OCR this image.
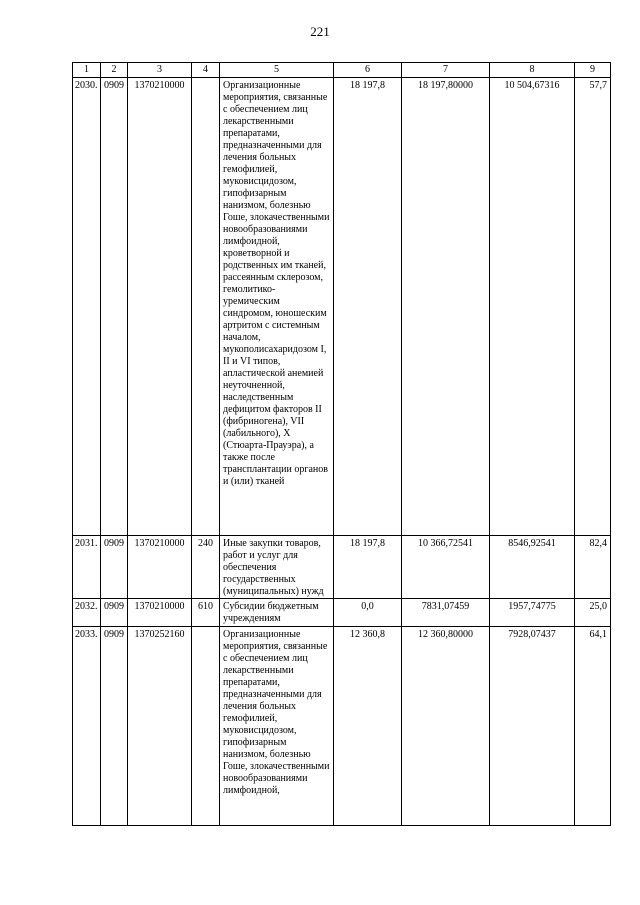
221
1	2	3	4	5	6	7	8	9
2030.	0909	1370210000		Организационные мероприятия, связанные с обеспечением лиц лекарственными препаратами, предназначенными для лечения больных гемофилией, муковисцидозом, гипофизарным нанизмом, болезнью Гоше, злокачественными новообразованиями лимфоидной, кроветворной и родственных им тканей, рассеянным склерозом, гемолитико-уремическим синдромом, юношеским артритом с системным началом, мукополисахаридозом I, II и VI типов, апластической анемией неуточненной, наследственным дефицитом факторов II (фибриногена), VII (лабильного), X (Стюарта-Прауэра), а также после трансплантации органов и (или) тканей	18 197,8	18 197,80000	10 504,67316	57,7
2031.	0909	1370210000	240	Иные закупки товаров, работ и услуг для обеспечения государственных (муниципальных) нужд	18 197,8	10 366,72541	8546,92541	82,4
2032.	0909	1370210000	610	Субсидии бюджетным учреждениям	0,0	7831,07459	1957,74775	25,0
2033.	0909	1370252160		Организационные мероприятия, связанные с обеспечением лиц лекарственными препаратами, предназначенными для лечения больных гемофилией, муковисцидозом, гипофизарным нанизмом, болезнью Гоше, злокачественными новообразованиями лимфоидной,	12 360,8	12 360,80000	7928,07437	64,1
